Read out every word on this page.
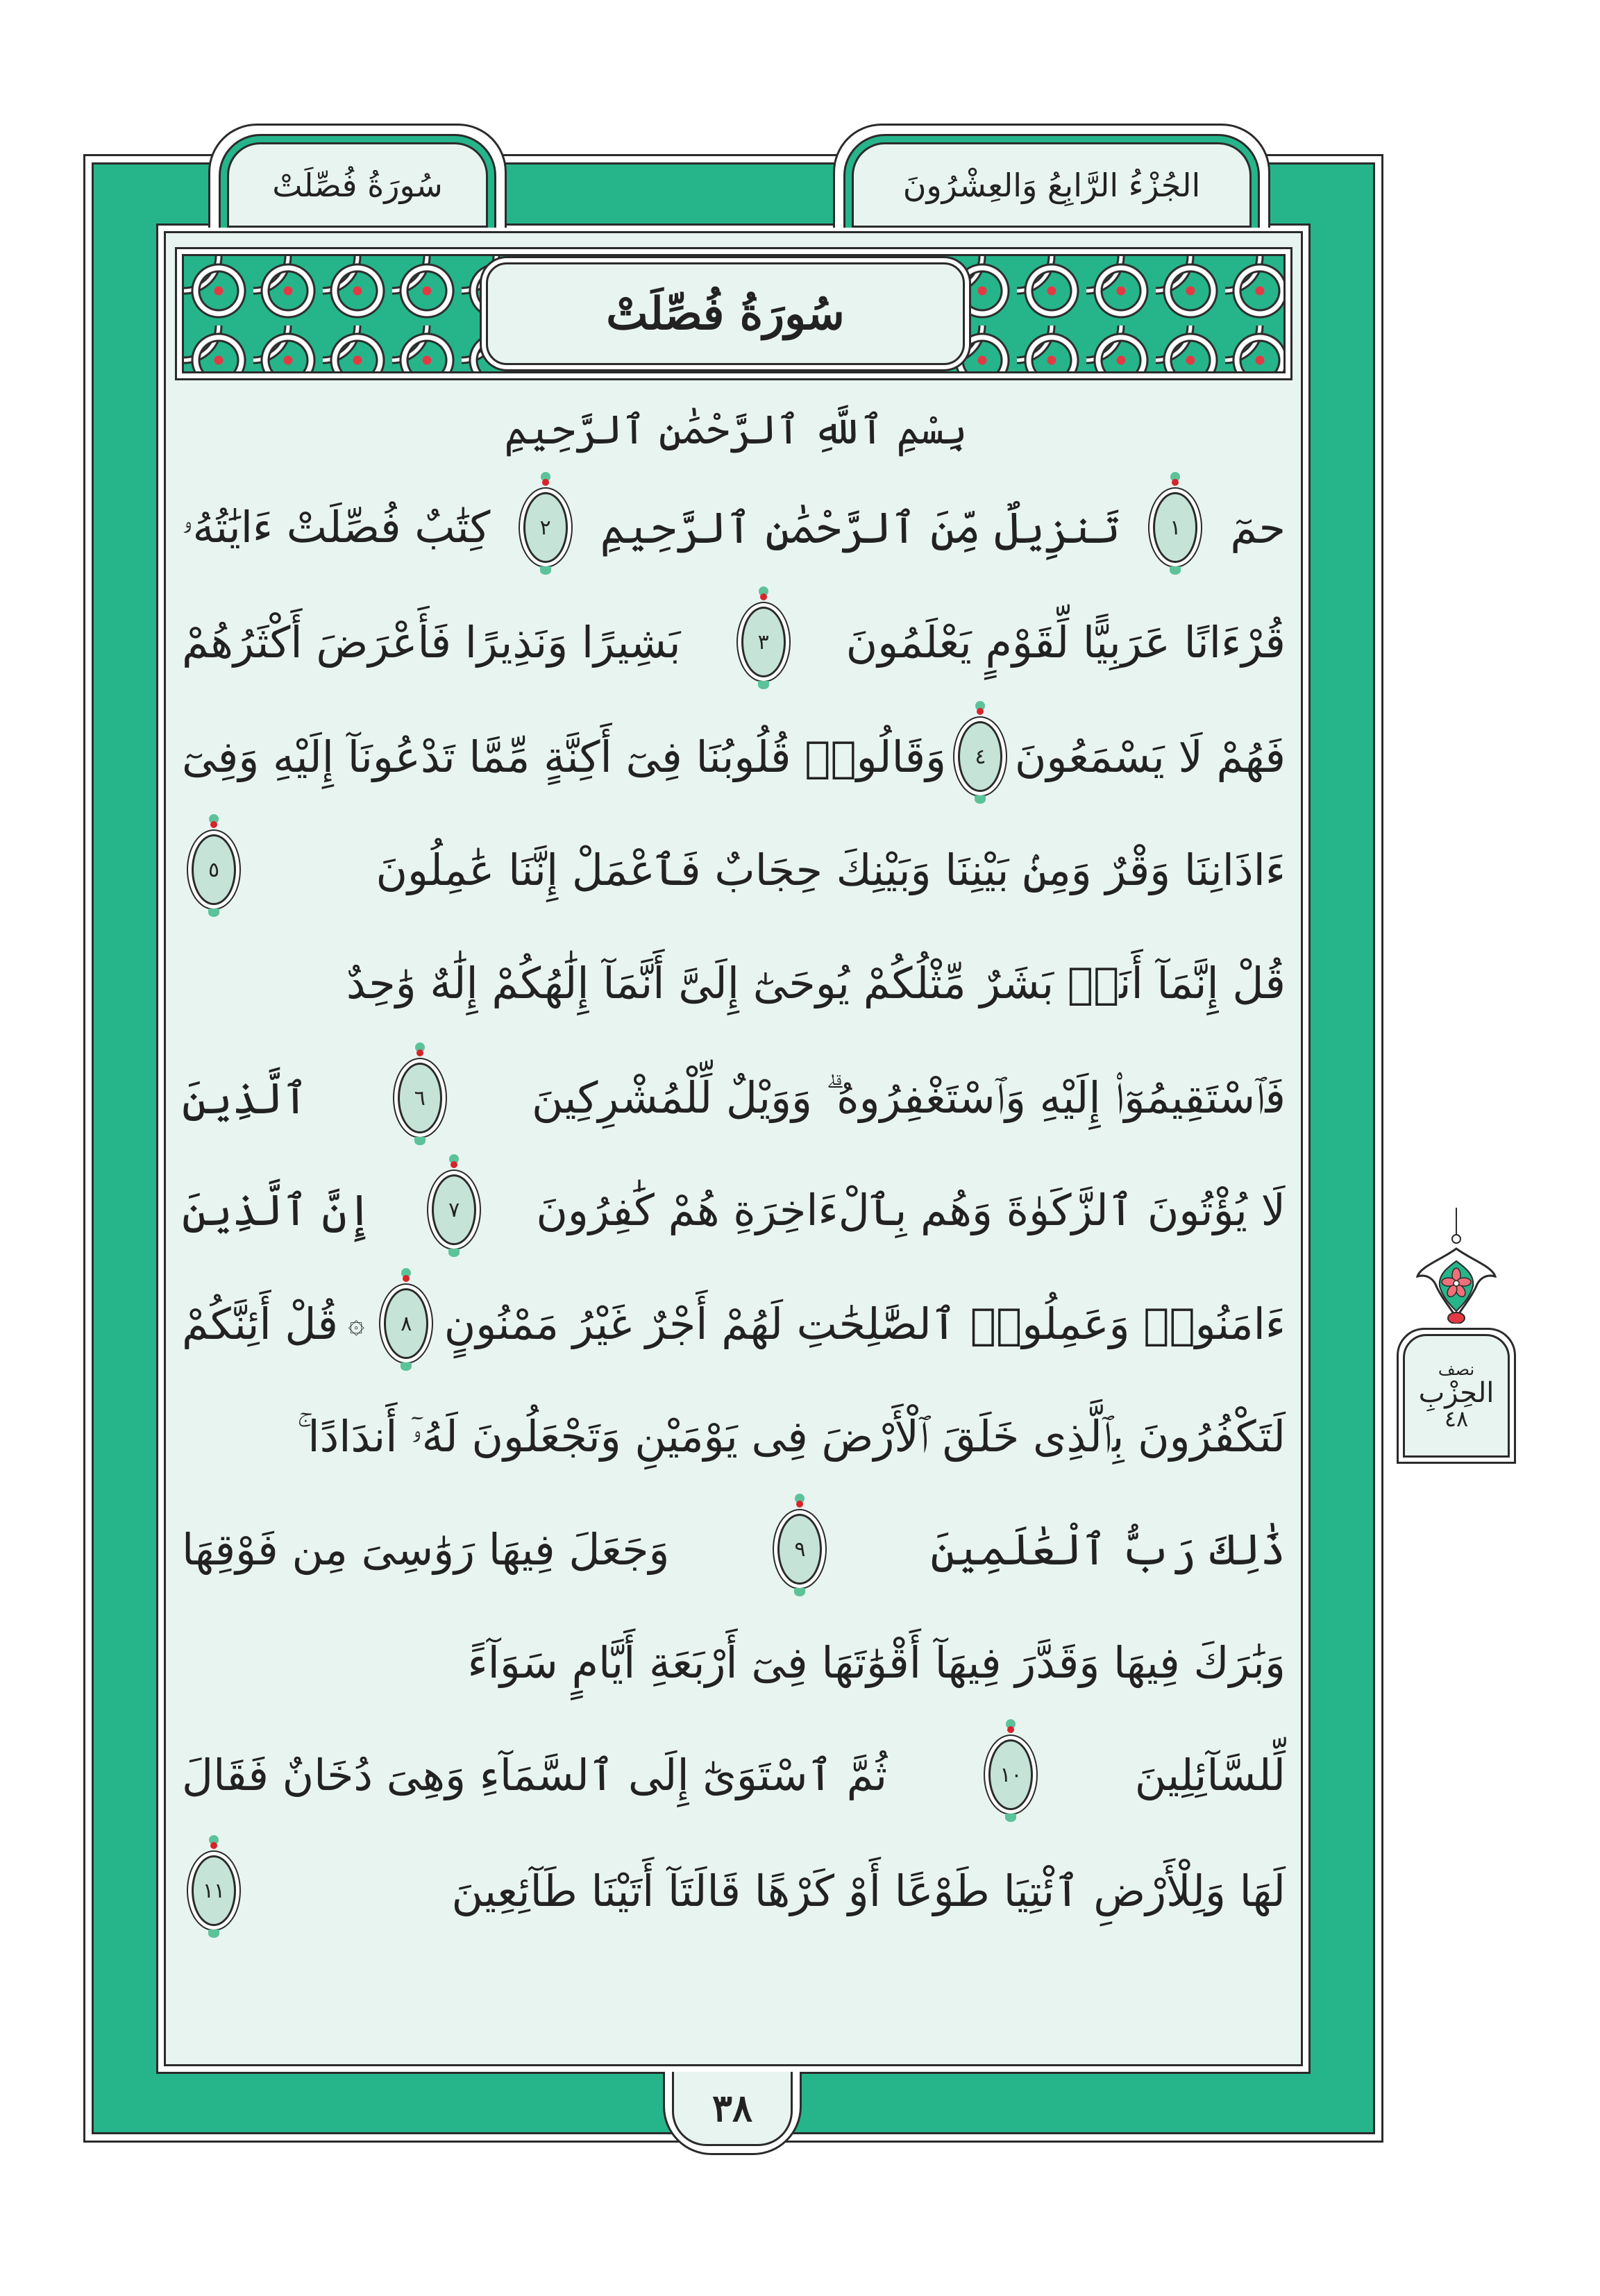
سُورَةُ فُصِّلَتْ	الجُزْءُ الرَّابِعُ وَالعِشْرُونَ
سُورَةُ فُصِّلَتْ
بِسْمِ ٱللَّهِ ٱلرَّحْمَٰنِ ٱلرَّحِيمِ
حمٓ
١
تَنزِيلٌ مِّنَ ٱلرَّحْمَٰنِ ٱلرَّحِيمِ
٢
كِتَٰبٌ فُصِّلَتْ ءَايَٰتُهُۥ
قُرْءَانًا عَرَبِيًّا لِّقَوْمٍ يَعْلَمُونَ
٣
بَشِيرًا وَنَذِيرًا فَأَعْرَضَ أَكْثَرُهُمْ
فَهُمْ لَا يَسْمَعُونَ
٤
وَقَالُوا۟ قُلُوبُنَا فِىٓ أَكِنَّةٍ مِّمَّا تَدْعُونَآ إِلَيْهِ وَفِىٓ
ءَاذَانِنَا وَقْرٌ وَمِنۢ بَيْنِنَا وَبَيْنِكَ حِجَابٌ فَٱعْمَلْ إِنَّنَا عَٰمِلُونَ
٥
قُلْ إِنَّمَآ أَنَا۠ بَشَرٌ مِّثْلُكُمْ يُوحَىٰٓ إِلَىَّ أَنَّمَآ إِلَٰهُكُمْ إِلَٰهٌ وَٰحِدٌ
فَٱسْتَقِيمُوٓا۟ إِلَيْهِ وَٱسْتَغْفِرُوهُ ۗ وَوَيْلٌ لِّلْمُشْرِكِينَ
٦
ٱلَّذِينَ
لَا يُؤْتُونَ ٱلزَّكَوٰةَ وَهُم بِٱلْءَاخِرَةِ هُمْ كَٰفِرُونَ
٧
إِنَّ ٱلَّذِينَ
ءَامَنُوا۟ وَعَمِلُوا۟ ٱلصَّٰلِحَٰتِ لَهُمْ أَجْرٌ غَيْرُ مَمْنُونٍ
٨
۞
قُلْ أَئِنَّكُمْ
لَتَكْفُرُونَ بِٱلَّذِى خَلَقَ ٱلْأَرْضَ فِى يَوْمَيْنِ وَتَجْعَلُونَ لَهُۥٓ أَندَادًا ۚ
ذَٰلِكَ رَبُّ ٱلْعَٰلَمِينَ
٩
وَجَعَلَ فِيهَا رَوَٰسِىَ مِن فَوْقِهَا
وَبَٰرَكَ فِيهَا وَقَدَّرَ فِيهَآ أَقْوَٰتَهَا فِىٓ أَرْبَعَةِ أَيَّامٍ سَوَآءً
لِّلسَّآئِلِينَ
١٠
ثُمَّ ٱسْتَوَىٰٓ إِلَى ٱلسَّمَآءِ وَهِىَ دُخَانٌ فَقَالَ
لَهَا وَلِلْأَرْضِ ٱئْتِيَا طَوْعًا أَوْ كَرْهًا قَالَتَآ أَتَيْنَا طَآئِعِينَ
١١
نصف
الحِزْبِ
٤٨
٣٨
